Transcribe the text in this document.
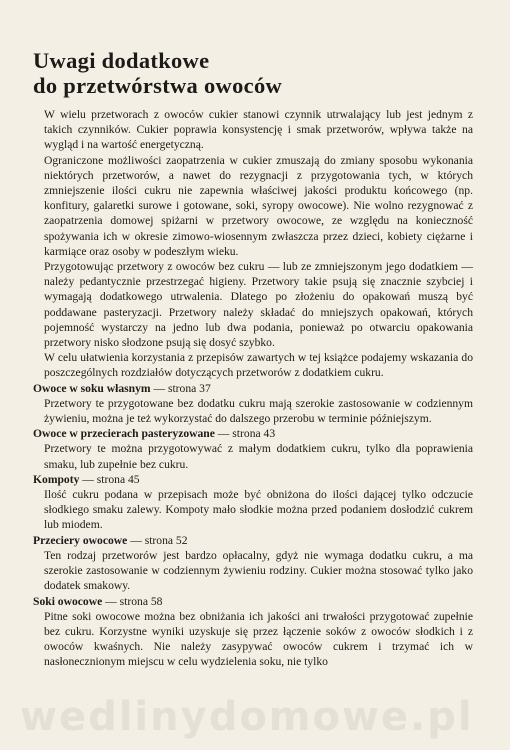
Uwagi dodatkowe
do przetwórstwa owoców

W wielu przetworach z owoców cukier stanowi czynnik utrwalający lub jest jednym z takich czynników. Cukier poprawia konsystencję i smak przetworów, wpływa także na wygląd i na wartość energetyczną.

Ograniczone możliwości zaopatrzenia w cukier zmuszają do zmiany sposobu wykonania niektórych przetworów, a nawet do rezygnacji z przygotowania tych, w których zmniejszenie ilości cukru nie zapewnia właściwej jakości produktu końcowego (np. konfitury, galaretki surowe i gotowane, soki, syropy owocowe). Nie wolno rezygnować z zaopatrzenia domowej spiżarni w przetwory owocowe, ze względu na konieczność spożywania ich w okresie zimowo-wiosennym zwłaszcza przez dzieci, kobiety ciężarne i karmiące oraz osoby w podeszłym wieku.

Przygotowując przetwory z owoców bez cukru — lub ze zmniejszonym jego dodatkiem — należy pedantycznie przestrzegać higieny. Przetwory takie psują się znacznie szybciej i wymagają dodatkowego utrwalenia. Dlatego po złożeniu do opakowań muszą być poddawane pasteryzacji. Przetwory należy składać do mniejszych opakowań, których pojemność wystarczy na jedno lub dwa podania, ponieważ po otwarciu opakowania przetwory nisko słodzone psują się dosyć szybko.

W celu ułatwienia korzystania z przepisów zawartych w tej książce podajemy wskazania do poszczególnych rozdziałów dotyczących przetworów z dodatkiem cukru.

Owoce w soku własnym — strona 37

Przetwory te przygotowane bez dodatku cukru mają szerokie zastosowanie w codziennym żywieniu, można je też wykorzystać do dalszego przerobu w terminie późniejszym.

Owoce w przecierach pasteryzowane — strona 43

Przetwory te można przygotowywać z małym dodatkiem cukru, tylko dla poprawienia smaku, lub zupełnie bez cukru.

Kompoty — strona 45

Ilość cukru podana w przepisach może być obniżona do ilości dającej tylko odczucie słodkiego smaku zalewy. Kompoty mało słodkie można przed podaniem dosłodzić cukrem lub miodem.

Przeciery owocowe — strona 52

Ten rodzaj przetworów jest bardzo opłacalny, gdyż nie wymaga dodatku cukru, a ma szerokie zastosowanie w codziennym żywieniu rodziny. Cukier można stosować tylko jako dodatek smakowy.

Soki owocowe — strona 58

Pitne soki owocowe można bez obniżania ich jakości ani trwałości przygotować zupełnie bez cukru. Korzystne wyniki uzyskuje się przez łączenie soków z owoców słodkich i z owoców kwaśnych. Nie należy zasypywać owoców cukrem i trzymać ich w nasłonecznionym miejscu w celu wydzielenia soku, nie tylko

wedlinydomowe.pl
